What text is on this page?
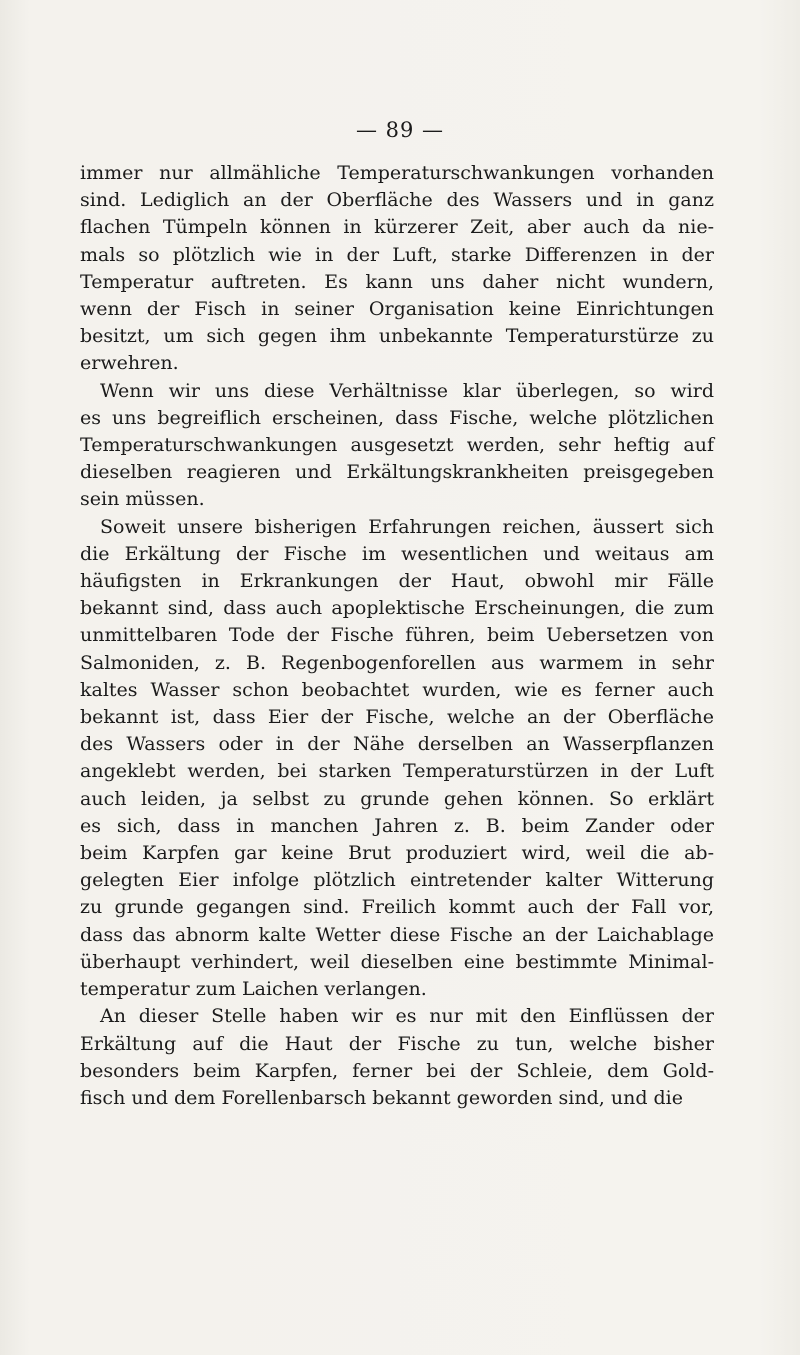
— 89 —

immer nur allmähliche Temperaturschwankungen vorhanden
sind. Lediglich an der Oberfläche des Wassers und in ganz
flachen Tümpeln können in kürzerer Zeit, aber auch da nie-
mals so plötzlich wie in der Luft, starke Differenzen in der
Temperatur auftreten. Es kann uns daher nicht wundern,
wenn der Fisch in seiner Organisation keine Einrichtungen
besitzt, um sich gegen ihm unbekannte Temperaturstürze zu
erwehren.

Wenn wir uns diese Verhältnisse klar überlegen, so wird
es uns begreiflich erscheinen, dass Fische, welche plötzlichen
Temperaturschwankungen ausgesetzt werden, sehr heftig auf
dieselben reagieren und Erkältungskrankheiten preisgegeben
sein müssen.

Soweit unsere bisherigen Erfahrungen reichen, äussert sich
die Erkältung der Fische im wesentlichen und weitaus am
häufigsten in Erkrankungen der Haut, obwohl mir Fälle
bekannt sind, dass auch apoplektische Erscheinungen, die zum
unmittelbaren Tode der Fische führen, beim Uebersetzen von
Salmoniden, z. B. Regenbogenforellen aus warmem in sehr
kaltes Wasser schon beobachtet wurden, wie es ferner auch
bekannt ist, dass Eier der Fische, welche an der Oberfläche
des Wassers oder in der Nähe derselben an Wasserpflanzen
angeklebt werden, bei starken Temperaturstürzen in der Luft
auch leiden, ja selbst zu grunde gehen können. So erklärt
es sich, dass in manchen Jahren z. B. beim Zander oder
beim Karpfen gar keine Brut produziert wird, weil die ab-
gelegten Eier infolge plötzlich eintretender kalter Witterung
zu grunde gegangen sind. Freilich kommt auch der Fall vor,
dass das abnorm kalte Wetter diese Fische an der Laichablage
überhaupt verhindert, weil dieselben eine bestimmte Minimal-
temperatur zum Laichen verlangen.

An dieser Stelle haben wir es nur mit den Einflüssen der
Erkältung auf die Haut der Fische zu tun, welche bisher
besonders beim Karpfen, ferner bei der Schleie, dem Gold-
fisch und dem Forellenbarsch bekannt geworden sind, und die
